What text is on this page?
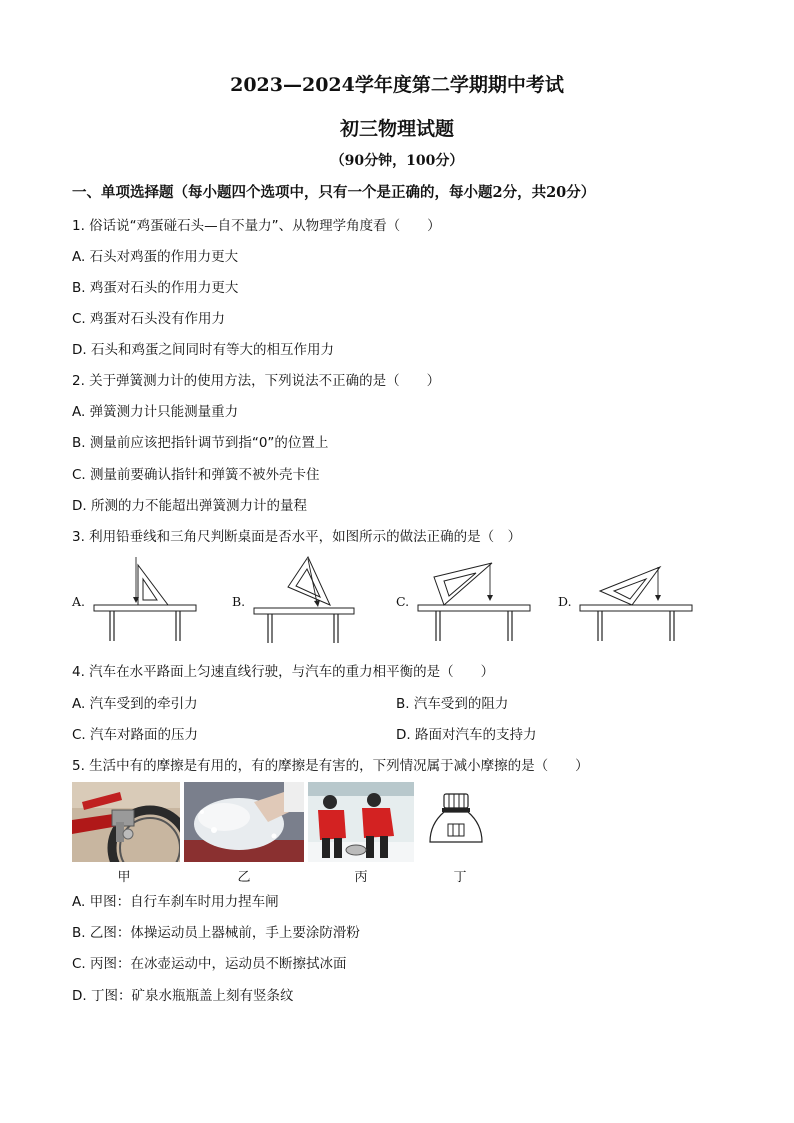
2023—2024学年度第二学期期中考试
初三物理试题
（90分钟，100分）
一、单项选择题（每小题四个选项中，只有一个是正确的，每小题2分，共20分）
1. 俗话说“鸡蛋碰石头—自不量力”、从物理学角度看（　　）
A. 石头对鸡蛋的作用力更大
B. 鸡蛋对石头的作用力更大
C. 鸡蛋对石头没有作用力
D. 石头和鸡蛋之间同时有等大的相互作用力
2. 关于弹簧测力计的使用方法，下列说法不正确的是（　　）
A. 弹簧测力计只能测量重力
B. 测量前应该把指针调节到指“0”的位置上
C. 测量前要确认指针和弹簧不被外壳卡住
D. 所测的力不能超出弹簧测力计的量程
3. 利用铅垂线和三角尺判断桌面是否水平，如图所示的做法正确的是（　）
A.	B.	C.	D.
4. 汽车在水平路面上匀速直线行驶，与汽车的重力相平衡的是（　　）
A. 汽车受到的牵引力	B. 汽车受到的阻力
C. 汽车对路面的压力	D. 路面对汽车的支持力
5. 生活中有的摩擦是有用的，有的摩擦是有害的，下列情况属于减小摩擦的是（　　）
甲	乙	丙	丁
A. 甲图：自行车刹车时用力捏车闸
B. 乙图：体操运动员上器械前，手上要涂防滑粉
C. 丙图：在冰壶运动中，运动员不断擦拭冰面
D. 丁图：矿泉水瓶瓶盖上刻有竖条纹
